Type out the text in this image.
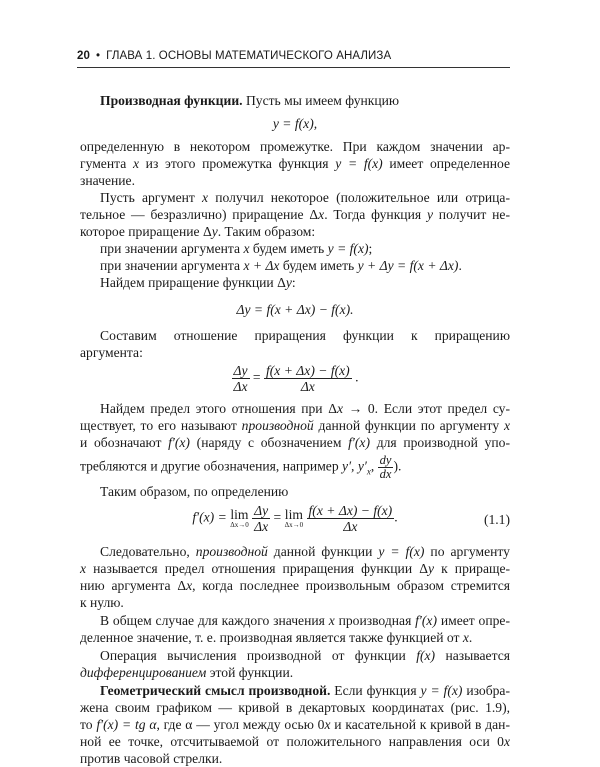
20 • ГЛАВА 1. ОСНОВЫ МАТЕМАТИЧЕСКОГО АНАЛИЗА
Производная функции. Пусть мы имеем функцию
y = f(x),
определенную в некотором промежутке. При каждом значении ар-
гумента x из этого промежутка функция y = f(x) имеет определенное
значение.
Пусть аргумент x получил некоторое (положительное или отрица-
тельное — безразлично) приращение Δx. Тогда функция y получит не-
которое приращение Δy. Таким образом:
при значении аргумента x будем иметь y = f(x);
при значении аргумента x + Δx будем иметь y + Δy = f(x + Δx).
Найдем приращение функции Δy:
Δy = f(x + Δx) − f(x).
Составим отношение приращения функции к приращению
аргумента:
$\frac{\Delta y}{\Delta x} = \frac{f(x + \Delta x) - f(x)}{\Delta x}$ .
Найдем предел этого отношения при Δx → 0. Если этот предел су-
ществует, то его называют производной данной функции по аргументу x
и обозначают f′(x) (наряду с обозначением f′(x) для производной упо-
требляются и другие обозначения, например y′, $y'_x$, $\frac{dy}{dx}$ ).
Таким образом, по определению
f′(x) = lim
Δx→0
$\frac{\Delta y}{\Delta x} = \lim$
Δx→0
$\frac{f(x + \Delta x) - f(x)}{\Delta x}$ .	(1.1)
Следовательно, производной данной функции y = f(x) по аргументу
x называется предел отношения приращения функции Δy к прираще-
нию аргумента Δx, когда последнее произвольным образом стремится
к нулю.
В общем случае для каждого значения x производная f′(x) имеет опре-
деленное значение, т. е. производная является также функцией от x.
Операция вычисления производной от функции f(x) называется
дифференцированием этой функции.
Геометрический смысл производной. Если функция y = f(x) изобра-
жена своим графиком — кривой в декартовых координатах (рис. 1.9),
то f′(x) = tg α, где α — угол между осью 0x и касательной к кривой в дан-
ной ее точке, отсчитываемой от положительного направления оси 0x
против часовой стрелки.
